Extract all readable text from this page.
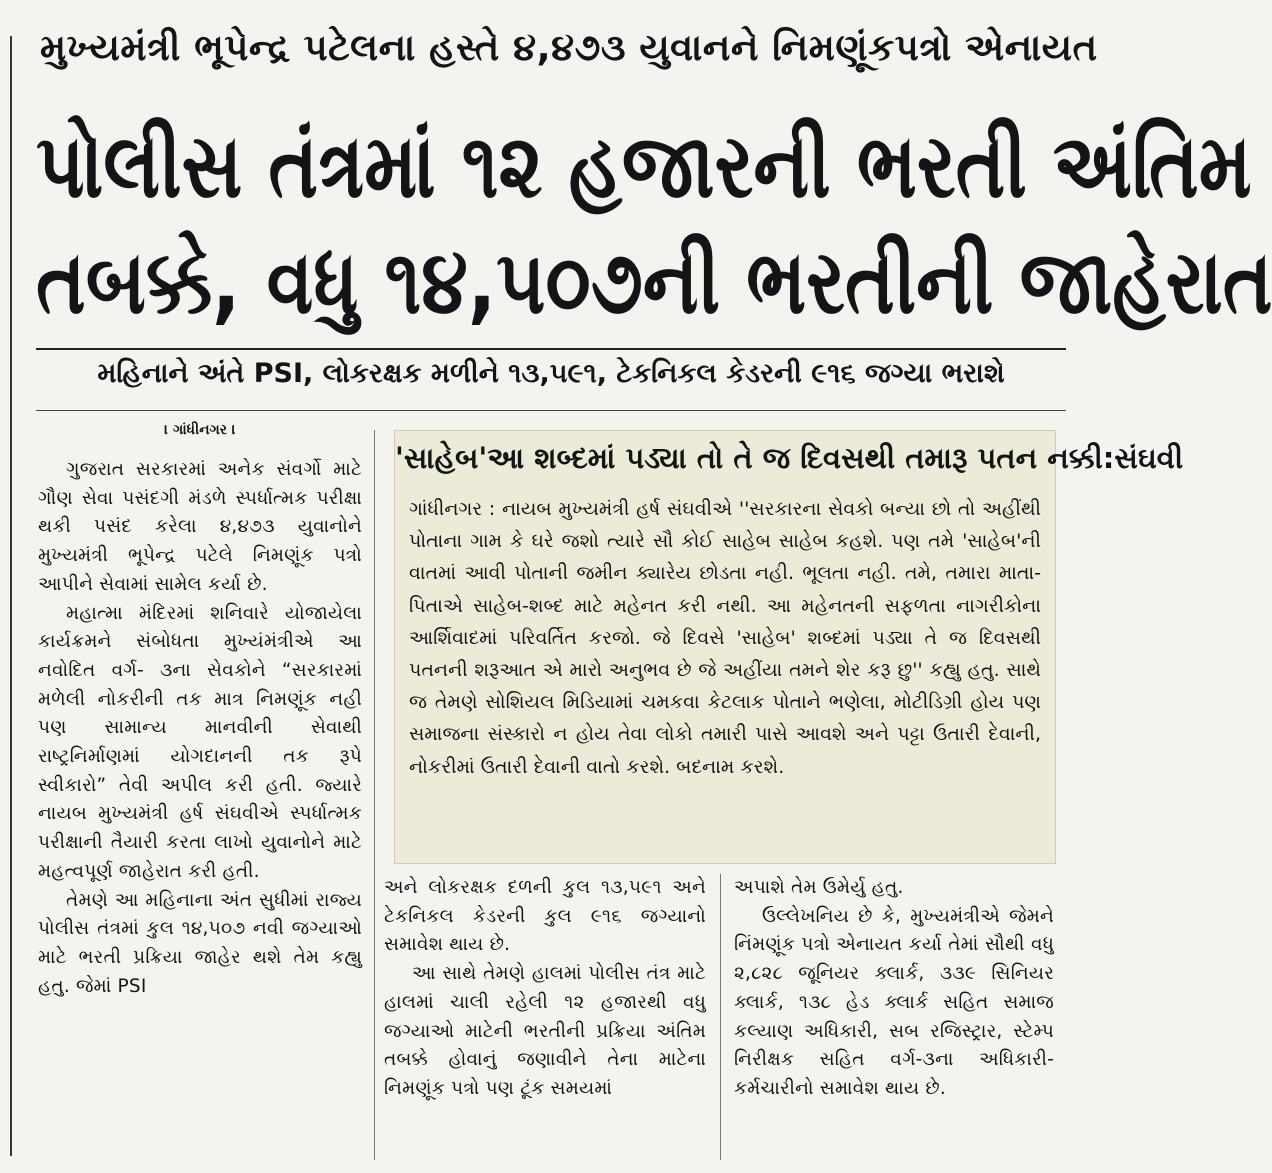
મુખ્યમંત્રી ભૂપેન્દ્ર પટેલના હસ્તે ૪,૪૭૩ યુવાનને નિમણૂંકપત્રો એનાયત
પોલીસ તંત્રમાં ૧૨ હજારની ભરતી અંતિમ
તબક્કે, વધુ ૧૪,૫૦૭ની ભરતીની જાહેરાત
મહિનાને અંતે PSI, લોકરક્ષક મળીને ૧૩,૫૯૧, ટેકનિકલ કેડરની ૯૧૬ જગ્યા ભરાશે
। ગાંધીનગર ।

ગુજરાત સરકારમાં અનેક સંવર્ગો માટે ગૌણ સેવા પસંદગી મંડળે સ્પર્ધાત્મક પરીક્ષા થકી પસંદ કરેલા ૪,૪૭૩ યુવાનોને મુખ્યમંત્રી ભૂપેન્દ્ર પટેલે નિમણૂંક પત્રો આપીને સેવામાં સામેલ કર્યા છે.

મહાત્મા મંદિરમાં શનિવારે યોજાયેલા કાર્યક્રમને સંબોધતા મુખ્યંમંત્રીએ આ નવોદિત વર્ગ- ૩ના સેવકોને “સરકારમાં મળેલી નોકરીની તક માત્ર નિમણૂંક નહી પણ સામાન્ય માનવીની સેવાથી રાષ્ટ્રનિર્માણમાં યોગદાનની તક રૂપે સ્વીકારો” તેવી અપીલ કરી હતી. જ્યારે નાયબ મુખ્યમંત્રી હર્ષ સંઘવીએ સ્પર્ધાત્મક પરીક્ષાની તૈયારી કરતા લાખો યુવાનોને માટે મહત્વપૂર્ણ જાહેરાત કરી હતી.

તેમણે આ મહિનાના અંત સુધીમાં રાજ્ય પોલીસ તંત્રમાં કુલ ૧૪,૫૦૭ નવી જગ્યાઓ માટે ભરતી પ્રક્રિયા જાહેર થશે તેમ કહ્યુ હતુ. જેમાં PSI

'સાહેબ'આ શબ્દમાં પડ્યા તો તે જ દિવસથી તમારૂ પતન નક્કી:સંઘવી

ગાંધીનગર : નાયબ મુખ્યમંત્રી હર્ષ સંઘવીએ ''સરકારના સેવકો બન્યા છો તો અહીંથી પોતાના ગામ કે ઘરે જશો ત્યારે સૌ કોઈ સાહેબ સાહેબ કહશે. પણ તમે 'સાહેબ'ની વાતમાં આવી પોતાની જમીન ક્યારેય છોડતા નહી. ભૂલતા નહી. તમે, તમારા માતા-પિતાએ સાહેબ-શબ્દ માટે મહેનત કરી નથી. આ મહેનતની સફળતા નાગરીકોના આર્શિવાદમાં પરિવર્તિત કરજો. જે દિવસે 'સાહેબ' શબ્દમાં પડ્યા તે જ દિવસથી પતનની શરૂઆત એ મારો અનુભવ છે જે અહીંયા તમને શેર કરૂ છુ'' કહ્યુ હતુ. સાથે જ તેમણે સોશિયલ મિડિયામાં ચમકવા કેટલાક પોતાને ભણેલા, મોટીડિગ્રી હોય પણ સમાજના સંસ્કારો ન હોય તેવા લોકો તમારી પાસે આવશે અને પટ્ટા ઉતારી દેવાની, નોકરીમાં ઉતારી દેવાની વાતો કરશે. બદનામ કરશે.

અને લોકરક્ષક દળની કુલ ૧૩,૫૯૧ અને ટેકનિકલ કેડરની કુલ ૯૧૬ જગ્યાનો સમાવેશ થાય છે.

આ સાથે તેમણે હાલમાં પોલીસ તંત્ર માટે હાલમાં ચાલી રહેલી ૧૨ હજારથી વધુ જગ્યાઓ માટેની ભરતીની પ્રક્રિયા અંતિમ તબક્કે હોવાનું જણાવીને તેના માટેના નિમણૂંક પત્રો પણ ટૂંક સમયમાં

અપાશે તેમ ઉમેર્યુ હતુ.

ઉલ્લેખનિય છે કે, મુખ્યમંત્રીએ જેમને નિંમણૂંક પત્રો એનાયત કર્યા તેમાં સૌથી વધુ ૨,૮૨૮ જૂનિયર ક્લાર્ક, ૩૩૯ સિનિયર ક્લાર્ક, ૧૩૮ હેડ ક્લાર્ક સહિત સમાજ કલ્યાણ અધિકારી, સબ રજિસ્ટ્રાર, સ્ટેમ્પ નિરીક્ષક સહિત વર્ગ-૩ના અધિકારી-કર્મચારીનો સમાવેશ થાય છે.
